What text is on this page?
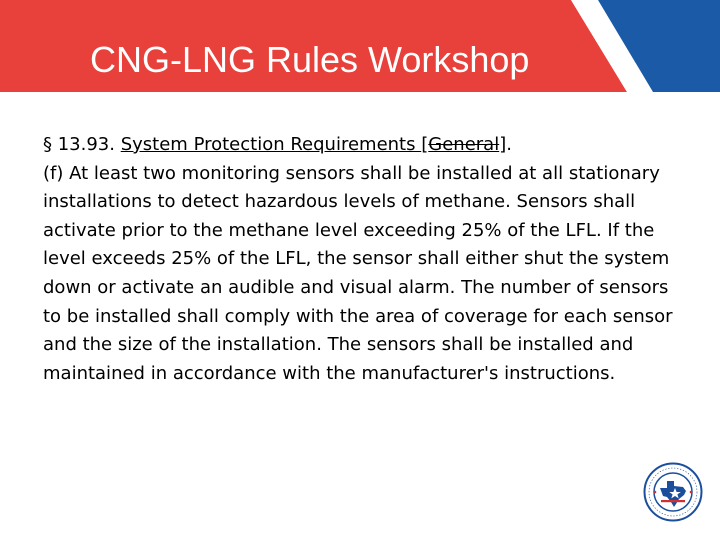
CNG-LNG Rules Workshop

§ 13.93. System Protection Requirements [General].

(f) At least two monitoring sensors shall be installed at all stationary installations to detect hazardous levels of methane. Sensors shall activate prior to the methane level exceeding 25% of the LFL. If the level exceeds 25% of the LFL, the sensor shall either shut the system down or activate an audible and visual alarm. The number of sensors to be installed shall comply with the area of coverage for each sensor and the size of the installation. The sensors shall be installed and maintained in accordance with the manufacturer's instructions.
